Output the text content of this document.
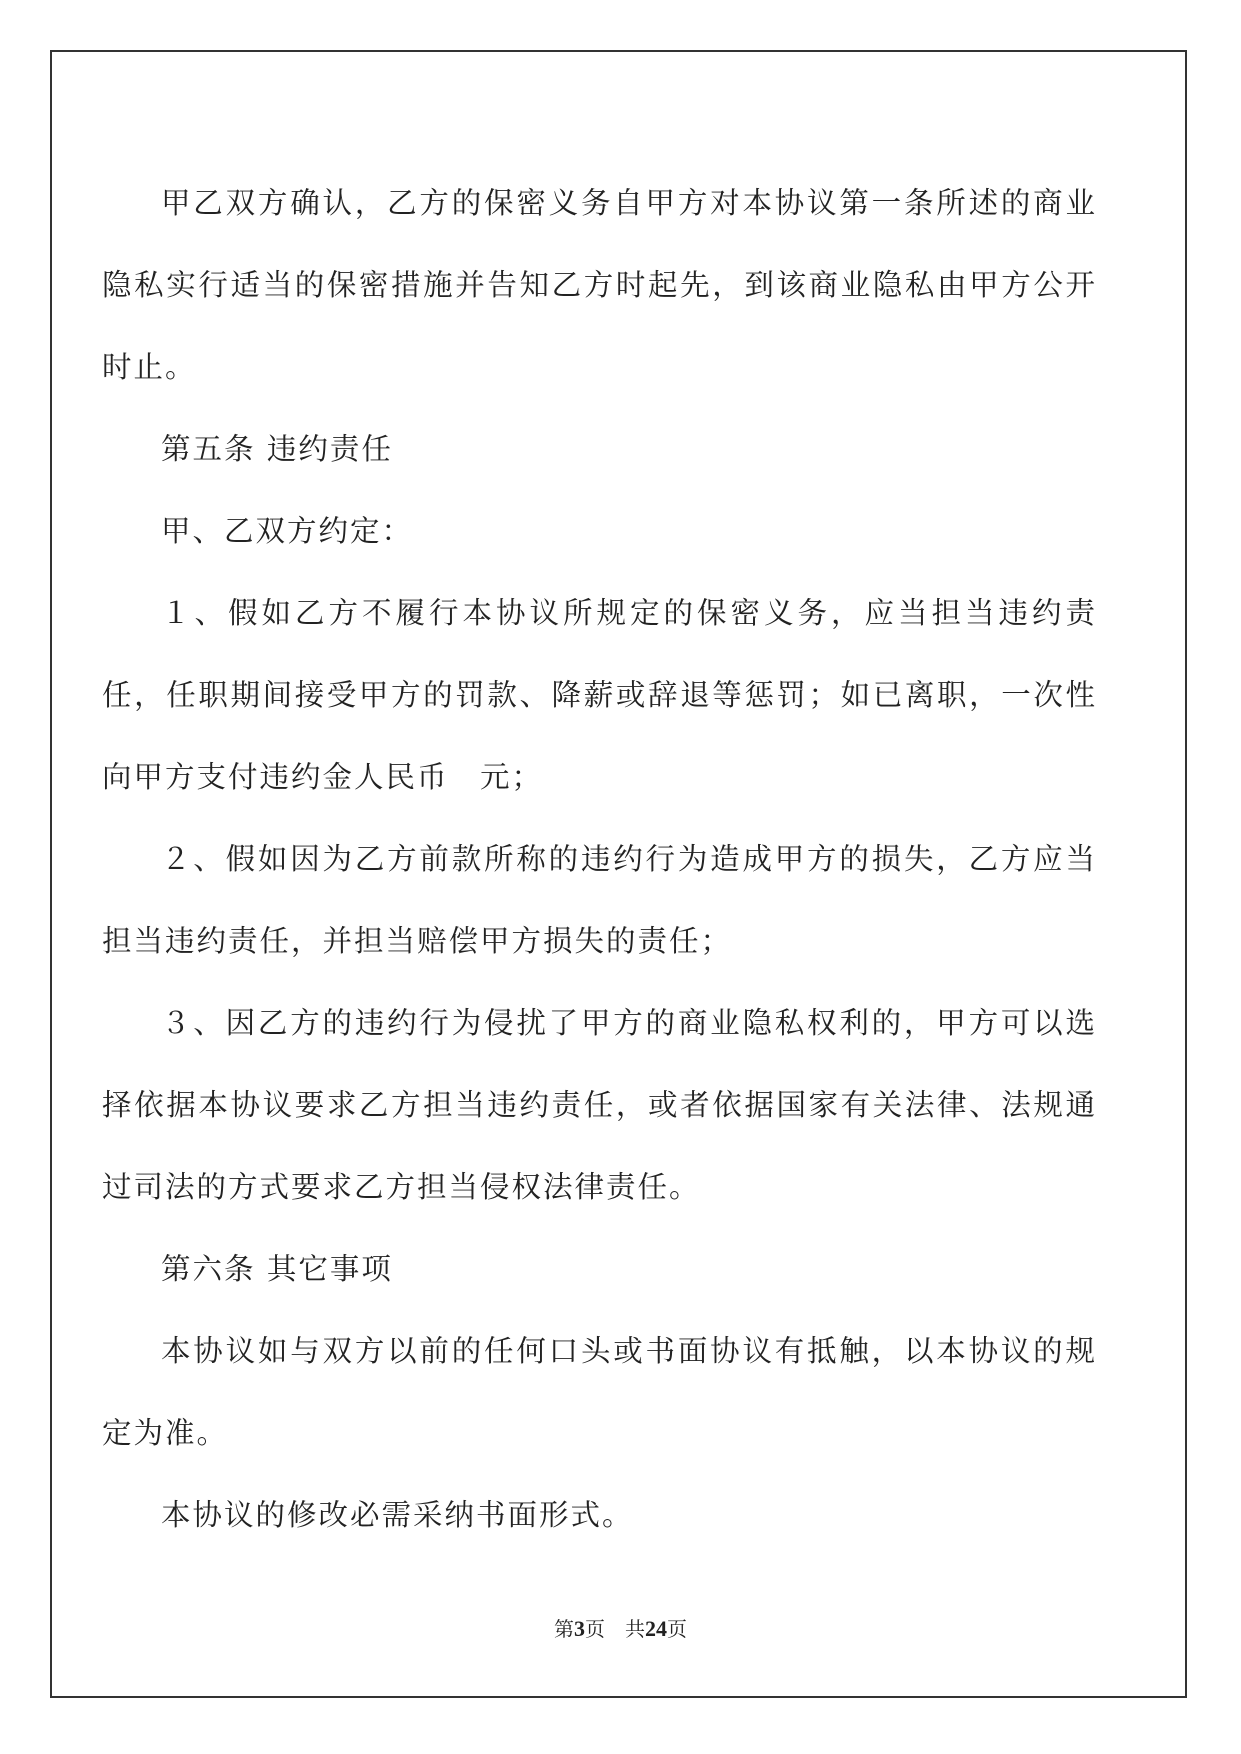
甲乙双方确认，乙方的保密义务自甲方对本协议第一条所述的商业隐私实行适当的保密措施并告知乙方时起先，到该商业隐私由甲方公开时止。

第五条 违约责任

甲、乙双方约定：

１、假如乙方不履行本协议所规定的保密义务，应当担当违约责任，任职期间接受甲方的罚款、降薪或辞退等惩罚；如已离职，一次性向甲方支付违约金人民币　元；

２、假如因为乙方前款所称的违约行为造成甲方的损失，乙方应当担当违约责任，并担当赔偿甲方损失的责任；

３、因乙方的违约行为侵扰了甲方的商业隐私权利的，甲方可以选择依据本协议要求乙方担当违约责任，或者依据国家有关法律、法规通过司法的方式要求乙方担当侵权法律责任。

第六条 其它事项

本协议如与双方以前的任何口头或书面协议有抵触，以本协议的规定为准。

本协议的修改必需采纳书面形式。

第3页　共24页
